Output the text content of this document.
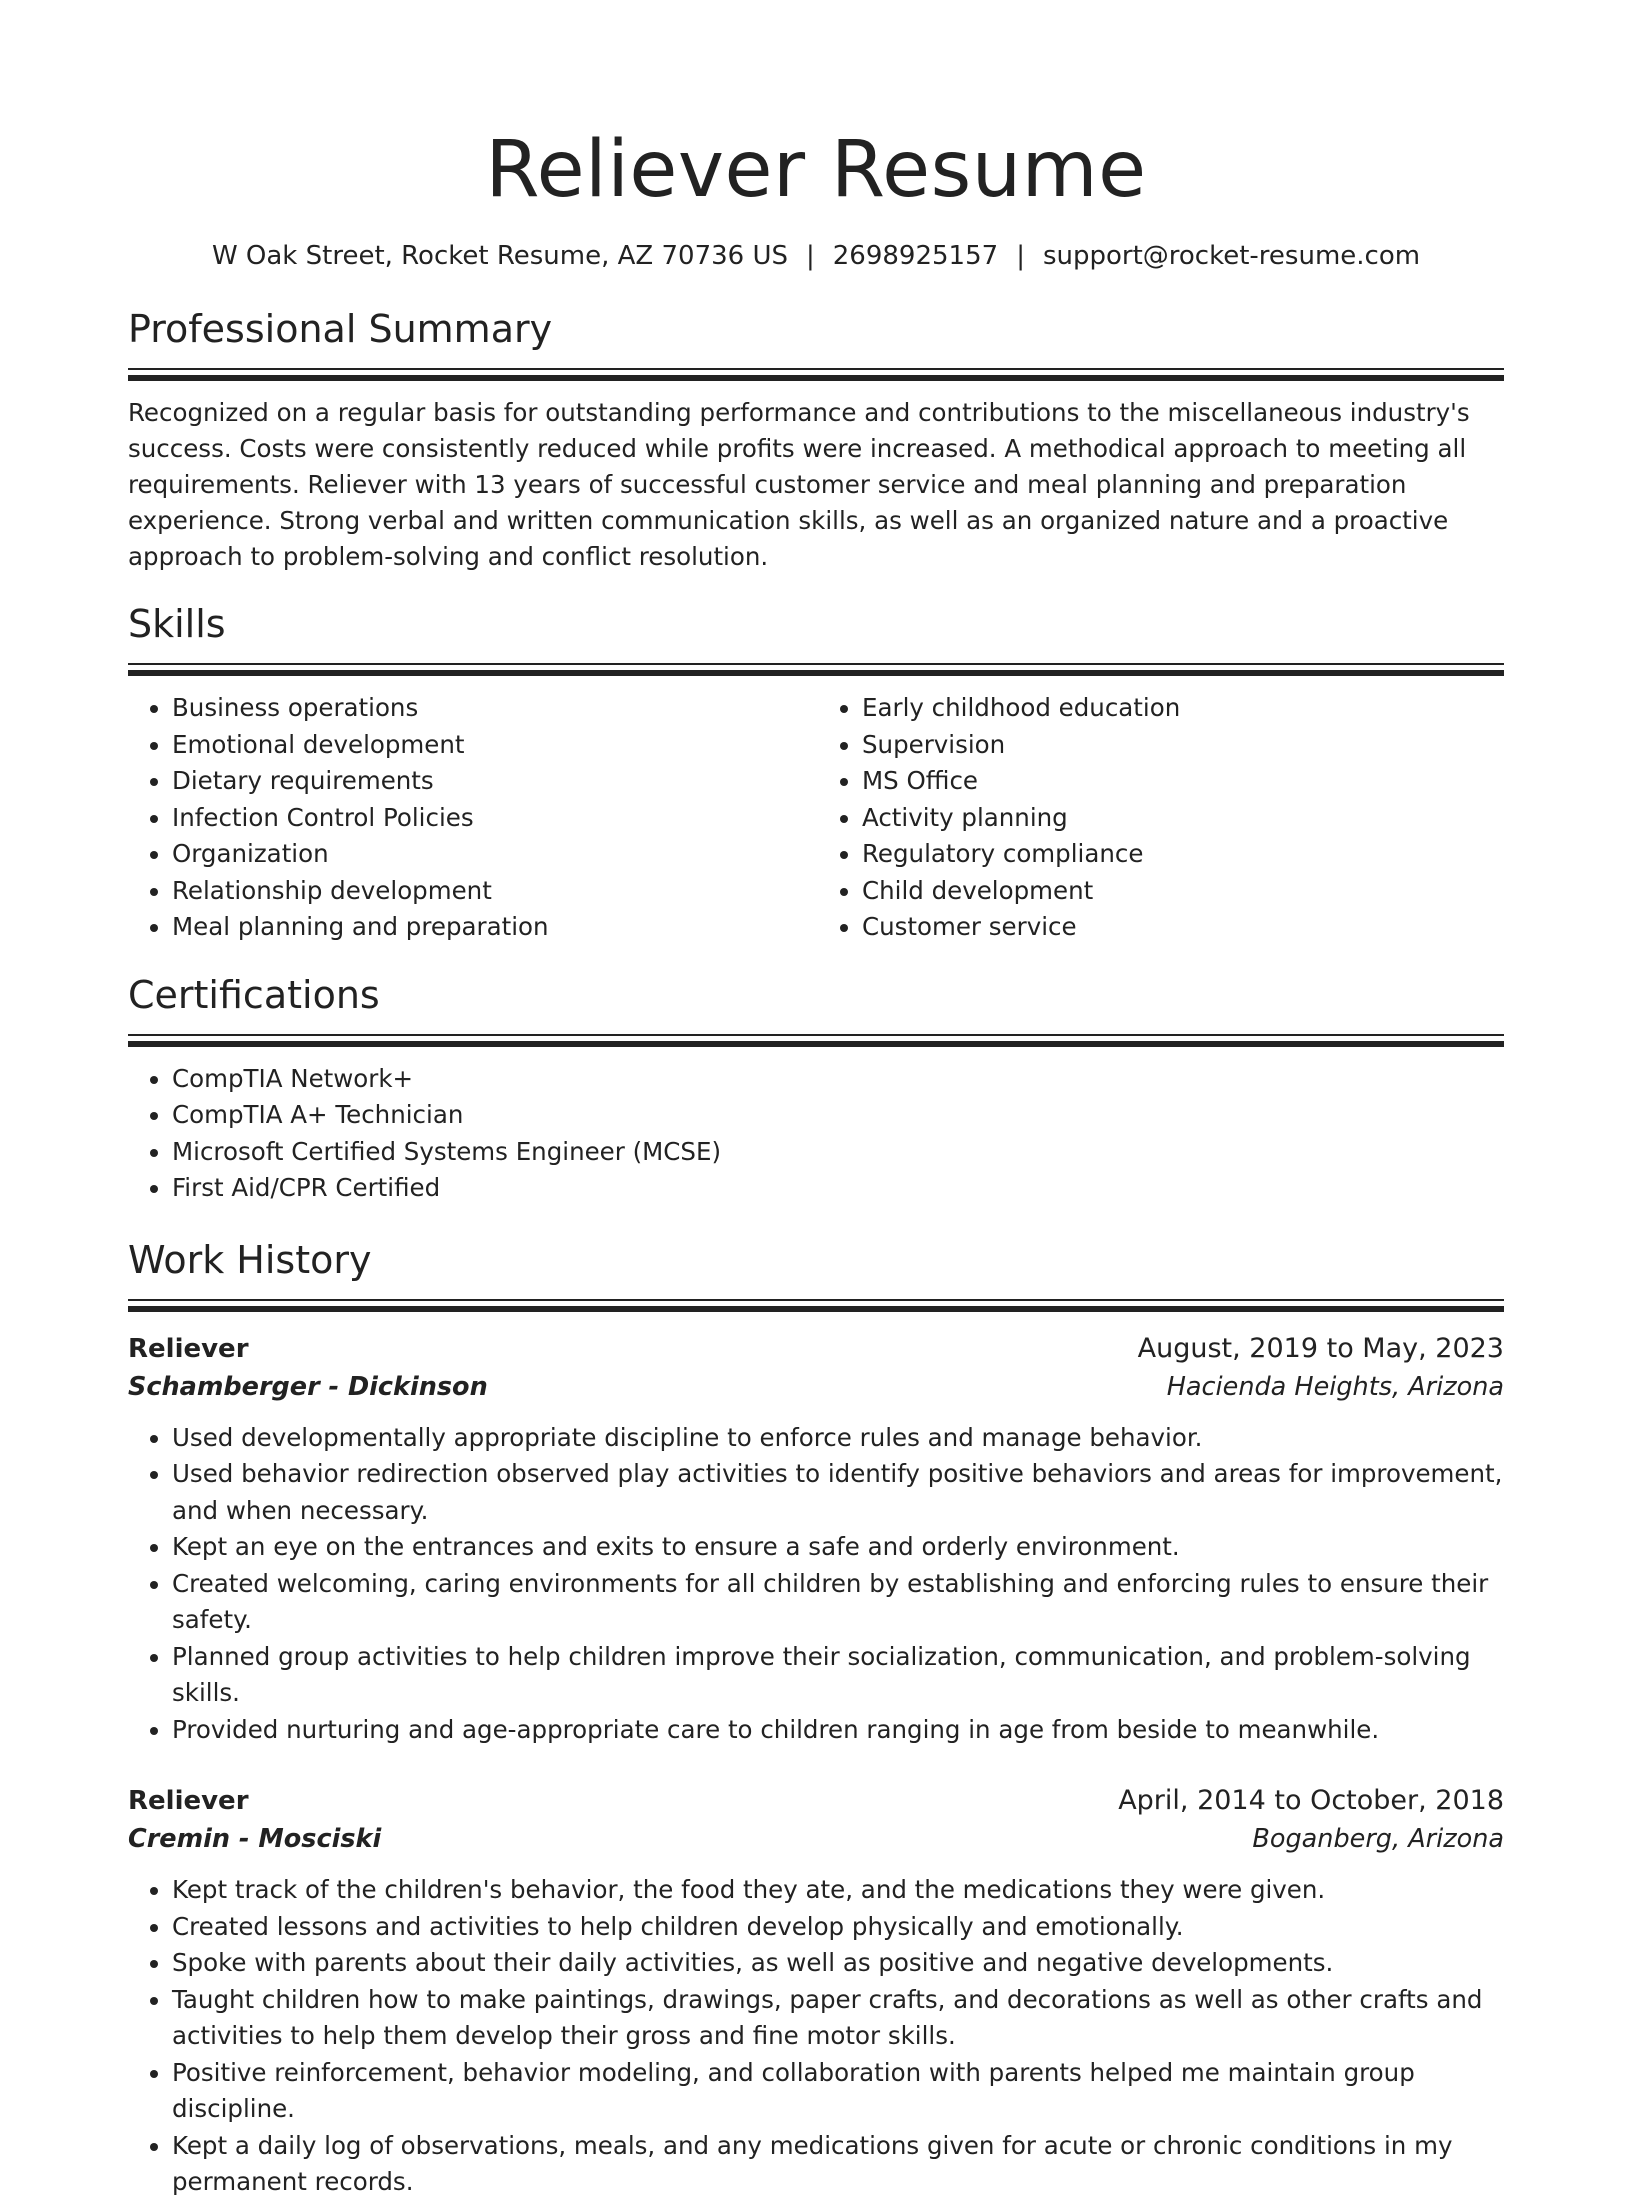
Reliever Resume
W Oak Street, Rocket Resume, AZ 70736 US | 2698925157 | support@rocket-resume.com
Professional Summary

Recognized on a regular basis for outstanding performance and contributions to the miscellaneous industry's success. Costs were consistently reduced while profits were increased. A methodical approach to meeting all requirements. Reliever with 13 years of successful customer service and meal planning and preparation experience. Strong verbal and written communication skills, as well as an organized nature and a proactive approach to problem-solving and conflict resolution.

Skills
• Business operations
• Emotional development
• Dietary requirements
• Infection Control Policies
• Organization
• Relationship development
• Meal planning and preparation
• Early childhood education
• Supervision
• MS Office
• Activity planning
• Regulatory compliance
• Child development
• Customer service
Certifications
• CompTIA Network+
• CompTIA A+ Technician
• Microsoft Certified Systems Engineer (MCSE)
• First Aid/CPR Certified
Work History
Reliever	August, 2019 to May, 2023
Schamberger - Dickinson	Hacienda Heights, Arizona
• Used developmentally appropriate discipline to enforce rules and manage behavior.
• Used behavior redirection observed play activities to identify positive behaviors and areas for improvement, and when necessary.
• Kept an eye on the entrances and exits to ensure a safe and orderly environment.
• Created welcoming, caring environments for all children by establishing and enforcing rules to ensure their safety.
• Planned group activities to help children improve their socialization, communication, and problem-solving skills.
• Provided nurturing and age-appropriate care to children ranging in age from beside to meanwhile.
Reliever	April, 2014 to October, 2018
Cremin - Mosciski	Boganberg, Arizona
• Kept track of the children's behavior, the food they ate, and the medications they were given.
• Created lessons and activities to help children develop physically and emotionally.
• Spoke with parents about their daily activities, as well as positive and negative developments.
• Taught children how to make paintings, drawings, paper crafts, and decorations as well as other crafts and activities to help them develop their gross and fine motor skills.
• Positive reinforcement, behavior modeling, and collaboration with parents helped me maintain group discipline.
• Kept a daily log of observations, meals, and any medications given for acute or chronic conditions in my permanent records.
